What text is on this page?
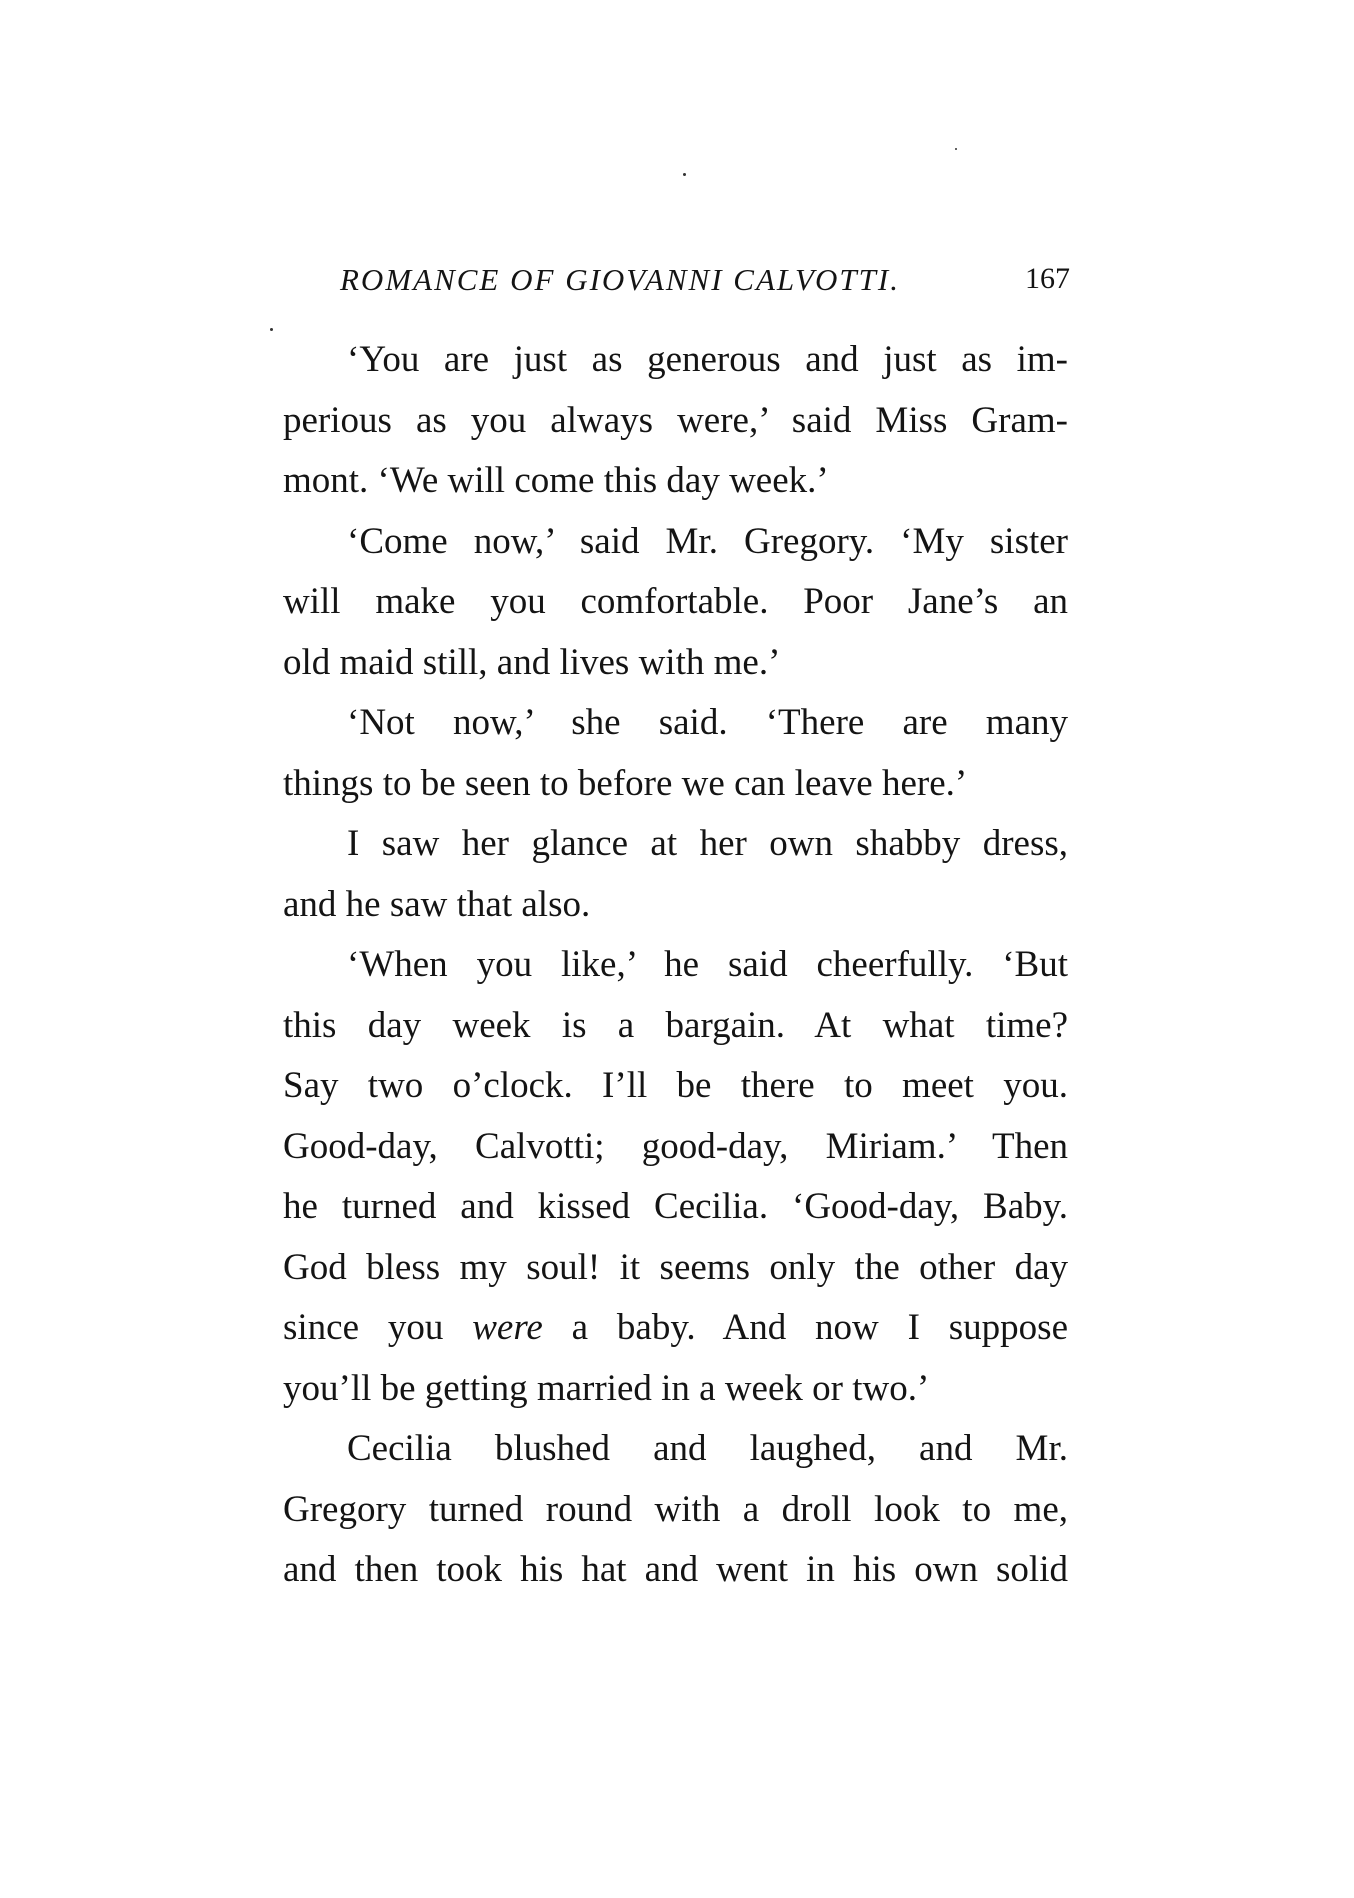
ROMANCE OF GIOVANNI CALVOTTI.	167

‘You are just as generous and just as im-
perious as you always were,’ said Miss Gram-
mont. ‘We will come this day week.’

‘Come now,’ said Mr. Gregory. ‘My sister
will make you comfortable. Poor Jane’s an
old maid still, and lives with me.’

‘Not now,’ she said. ‘There are many
things to be seen to before we can leave here.’

I saw her glance at her own shabby dress,
and he saw that also.

‘When you like,’ he said cheerfully. ‘But
this day week is a bargain. At what time?
Say two o’clock. I’ll be there to meet you.
Good-day, Calvotti; good-day, Miriam.’ Then
he turned and kissed Cecilia. ‘Good-day, Baby.
God bless my soul! it seems only the other day
since you were a baby. And now I suppose
you’ll be getting married in a week or two.’

Cecilia blushed and laughed, and Mr.
Gregory turned round with a droll look to me,
and then took his hat and went in his own solid
